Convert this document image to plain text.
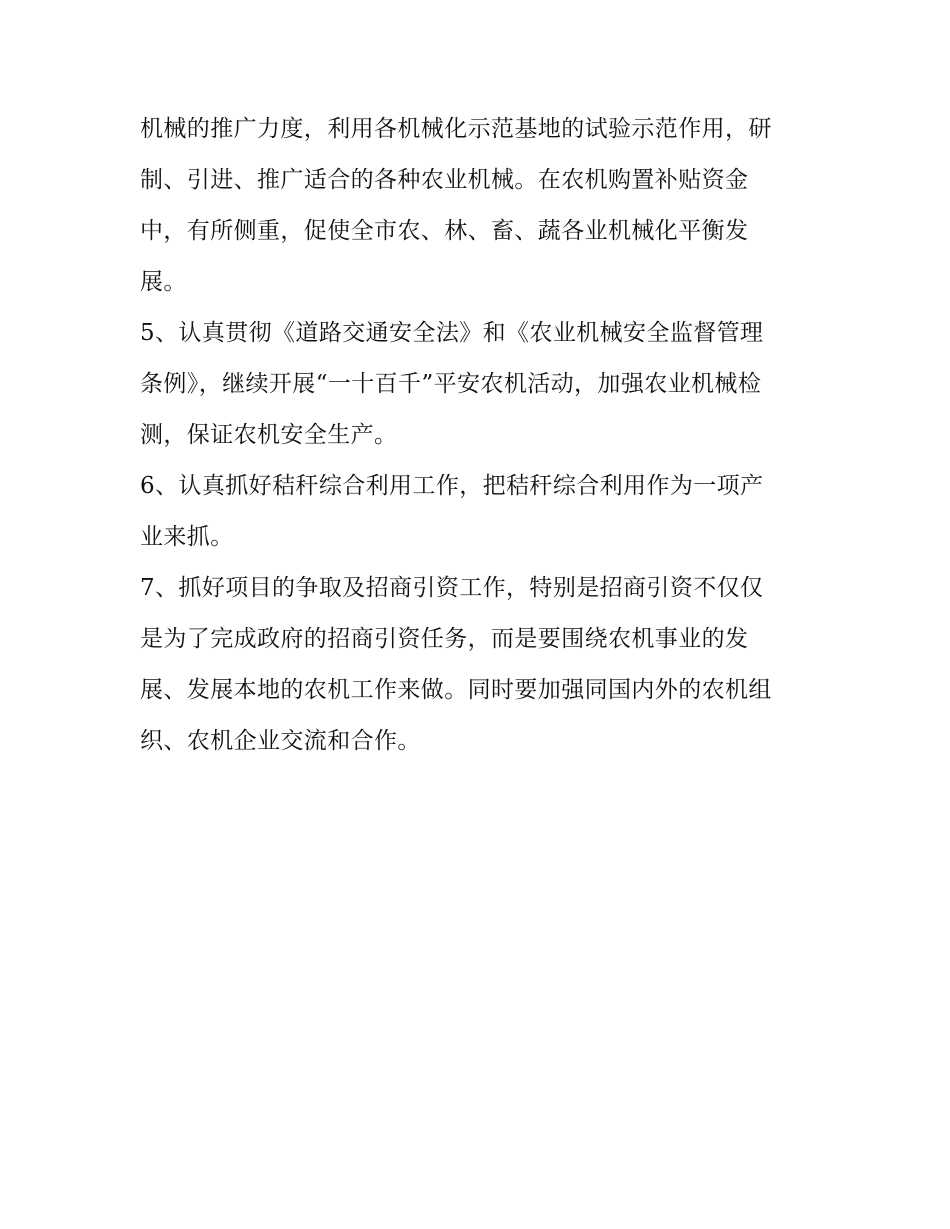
机械的推广力度，利用各机械化示范基地的试验示范作用，研
制、引进、推广适合的各种农业机械。在农机购置补贴资金
中，有所侧重，促使全市农、林、畜、蔬各业机械化平衡发
展。
5、认真贯彻《道路交通安全法》和《农业机械安全监督管理
条例》，继续开展“一十百千”平安农机活动，加强农业机械检
测，保证农机安全生产。
6、认真抓好秸秆综合利用工作，把秸秆综合利用作为一项产
业来抓。
7、抓好项目的争取及招商引资工作，特别是招商引资不仅仅
是为了完成政府的招商引资任务，而是要围绕农机事业的发
展、发展本地的农机工作来做。同时要加强同国内外的农机组
织、农机企业交流和合作。
